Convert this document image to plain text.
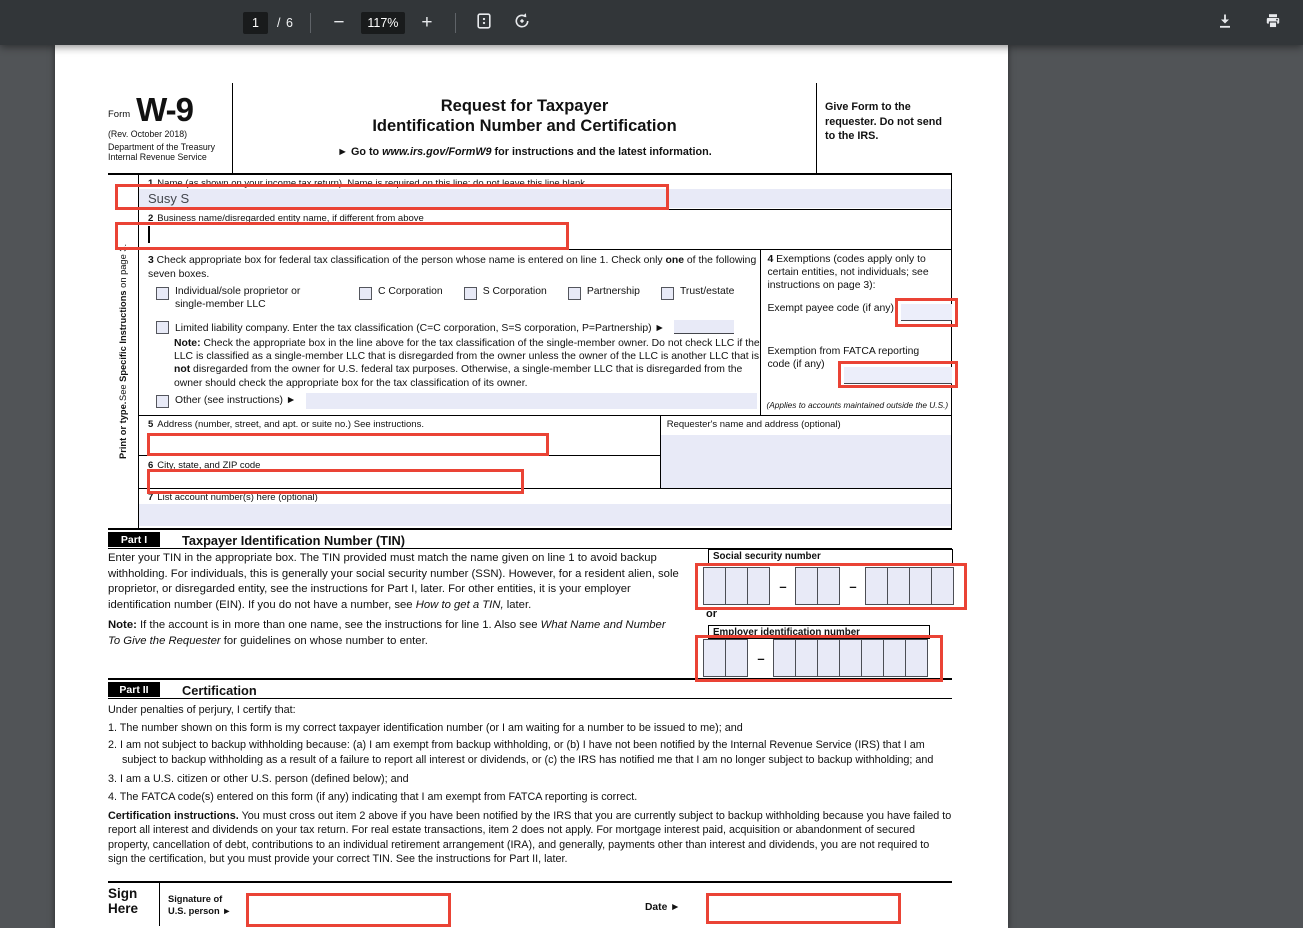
1	/ 6	−	117%	+
Form W-9
(Rev. October 2018)
Department of the Treasury
Internal Revenue Service
Request for Taxpayer
Identification Number and Certification
► Go to www.irs.gov/FormW9 for instructions and the latest information.
Give Form to the requester. Do not send to the IRS.
Print or type.
See Specific Instructions on page 3.
1 Name (as shown on your income tax return). Name is required on this line; do not leave this line blank.
Susy S
2 Business name/disregarded entity name, if different from above
3 Check appropriate box for federal tax classification of the person whose name is entered on line 1. Check only one of the following seven boxes.
Individual/sole proprietor or single-member LLC
C Corporation	S Corporation	Partnership	Trust/estate
Limited liability company. Enter the tax classification (C=C corporation, S=S corporation, P=Partnership) ►
Note: Check the appropriate box in the line above for the tax classification of the single-member owner. Do not check LLC if the LLC is classified as a single-member LLC that is disregarded from the owner unless the owner of the LLC is another LLC that is not disregarded from the owner for U.S. federal tax purposes. Otherwise, a single-member LLC that is disregarded from the owner should check the appropriate box for the tax classification of its owner.
Other (see instructions) ►
4 Exemptions (codes apply only to certain entities, not individuals; see instructions on page 3):
Exempt payee code (if any)
Exemption from FATCA reporting
code (if any)
(Applies to accounts maintained outside the U.S.)
5 Address (number, street, and apt. or suite no.) See instructions.
6 City, state, and ZIP code
Requester's name and address (optional)
7 List account number(s) here (optional)
Part I	Taxpayer Identification Number (TIN)
Enter your TIN in the appropriate box. The TIN provided must match the name given on line 1 to avoid backup withholding. For individuals, this is generally your social security number (SSN). However, for a resident alien, sole proprietor, or disregarded entity, see the instructions for Part I, later. For other entities, it is your employer identification number (EIN). If you do not have a number, see How to get a TIN, later.
Note: If the account is in more than one name, see the instructions for line 1. Also see What Name and Number To Give the Requester for guidelines on whose number to enter.
Social security number
–	–
or
Employer identification number
–
Part II	Certification
Under penalties of perjury, I certify that:
1. The number shown on this form is my correct taxpayer identification number (or I am waiting for a number to be issued to me); and
2. I am not subject to backup withholding because: (a) I am exempt from backup withholding, or (b) I have not been notified by the Internal Revenue Service (IRS) that I am subject to backup withholding as a result of a failure to report all interest or dividends, or (c) the IRS has notified me that I am no longer subject to backup withholding; and
3. I am a U.S. citizen or other U.S. person (defined below); and
4. The FATCA code(s) entered on this form (if any) indicating that I am exempt from FATCA reporting is correct.
Certification instructions. You must cross out item 2 above if you have been notified by the IRS that you are currently subject to backup withholding because you have failed to report all interest and dividends on your tax return. For real estate transactions, item 2 does not apply. For mortgage interest paid, acquisition or abandonment of secured property, cancellation of debt, contributions to an individual retirement arrangement (IRA), and generally, payments other than interest and dividends, you are not required to sign the certification, but you must provide your correct TIN. See the instructions for Part II, later.
Sign
Here
Signature of
U.S. person ►	Date ►
